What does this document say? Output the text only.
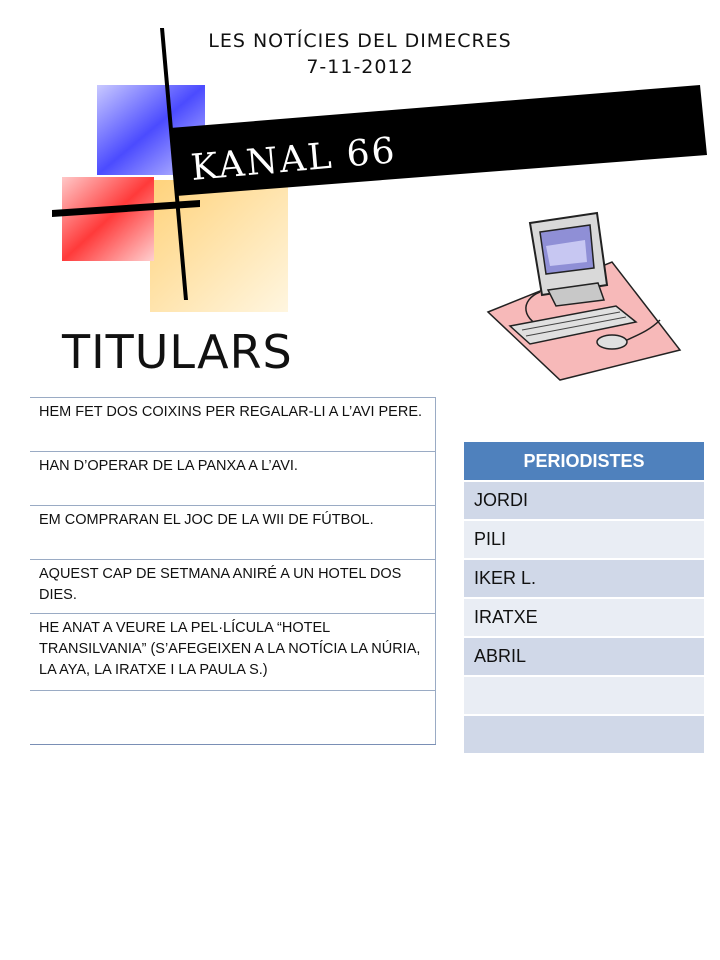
LES NOTÍCIES DEL DIMECRES
7-11-2012
KANAL 66
TITULARS
HEM FET DOS COIXINS PER REGALAR-LI A L’AVI PERE.
HAN D’OPERAR DE LA PANXA A L’AVI.
EM COMPRARAN EL JOC DE LA WII DE FÚTBOL.
AQUEST CAP DE SETMANA ANIRÉ A UN HOTEL DOS DIES.
HE ANAT A VEURE LA PEL·LÍCULA “HOTEL TRANSILVANIA” (S’AFEGEIXEN A LA NOTÍCIA LA NÚRIA, LA AYA, LA IRATXE I LA PAULA S.)

PERIODISTES
JORDI
PILI
IKER L.
IRATXE
ABRIL
